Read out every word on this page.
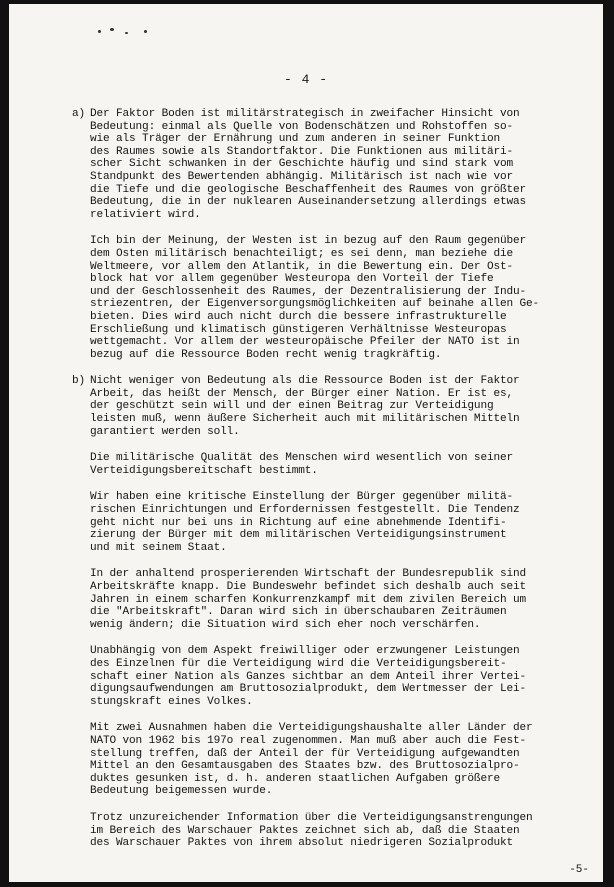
- 4 -
a) Der Faktor Boden ist militärstrategisch in zweifacher Hinsicht von
Bedeutung: einmal als Quelle von Bodenschätzen und Rohstoffen so-
wie als Träger der Ernährung und zum anderen in seiner Funktion
des Raumes sowie als Standortfaktor. Die Funktionen aus militäri-
scher Sicht schwanken in der Geschichte häufig und sind stark vom
Standpunkt des Bewertenden abhängig. Militärisch ist nach wie vor
die Tiefe und die geologische Beschaffenheit des Raumes von größter
Bedeutung, die in der nuklearen Auseinandersetzung allerdings etwas
relativiert wird.

Ich bin der Meinung, der Westen ist in bezug auf den Raum gegenüber
dem Osten militärisch benachteiligt; es sei denn, man beziehe die
Weltmeere, vor allem den Atlantik, in die Bewertung ein. Der Ost-
block hat vor allem gegenüber Westeuropa den Vorteil der Tiefe
und der Geschlossenheit des Raumes, der Dezentralisierung der Indu-
striezentren, der Eigenversorgungsmöglichkeiten auf beinahe allen Ge-
bieten. Dies wird auch nicht durch die bessere infrastrukturelle
Erschließung und klimatisch günstigeren Verhältnisse Westeuropas
wettgemacht. Vor allem der westeuropäische Pfeiler der NATO ist in
bezug auf die Ressource Boden recht wenig tragkräftig.

b) Nicht weniger von Bedeutung als die Ressource Boden ist der Faktor
Arbeit, das heißt der Mensch, der Bürger einer Nation. Er ist es,
der geschützt sein will und der einen Beitrag zur Verteidigung
leisten muß, wenn äußere Sicherheit auch mit militärischen Mitteln
garantiert werden soll.

Die militärische Qualität des Menschen wird wesentlich von seiner
Verteidigungsbereitschaft bestimmt.

Wir haben eine kritische Einstellung der Bürger gegenüber militä-
rischen Einrichtungen und Erfordernissen festgestellt. Die Tendenz
geht nicht nur bei uns in Richtung auf eine abnehmende Identifi-
zierung der Bürger mit dem militärischen Verteidigungsinstrument
und mit seinem Staat.

In der anhaltend prosperierenden Wirtschaft der Bundesrepublik sind
Arbeitskräfte knapp. Die Bundeswehr befindet sich deshalb auch seit
Jahren in einem scharfen Konkurrenzkampf mit dem zivilen Bereich um
die "Arbeitskraft". Daran wird sich in überschaubaren Zeiträumen
wenig ändern; die Situation wird sich eher noch verschärfen.

Unabhängig von dem Aspekt freiwilliger oder erzwungener Leistungen
des Einzelnen für die Verteidigung wird die Verteidigungsbereit-
schaft einer Nation als Ganzes sichtbar an dem Anteil ihrer Vertei-
digungsaufwendungen am Bruttosozialprodukt, dem Wertmesser der Lei-
stungskraft eines Volkes.

Mit zwei Ausnahmen haben die Verteidigungshaushalte aller Länder der
NATO von 1962 bis 197o real zugenommen. Man muß aber auch die Fest-
stellung treffen, daß der Anteil der für Verteidigung aufgewandten
Mittel an den Gesamtausgaben des Staates bzw. des Bruttosozialpro-
duktes gesunken ist, d. h. anderen staatlichen Aufgaben größere
Bedeutung beigemessen wurde.

Trotz unzureichender Information über die Verteidigungsanstrengungen
im Bereich des Warschauer Paktes zeichnet sich ab, daß die Staaten
des Warschauer Paktes von ihrem absolut niedrigeren Sozialprodukt

-5-
